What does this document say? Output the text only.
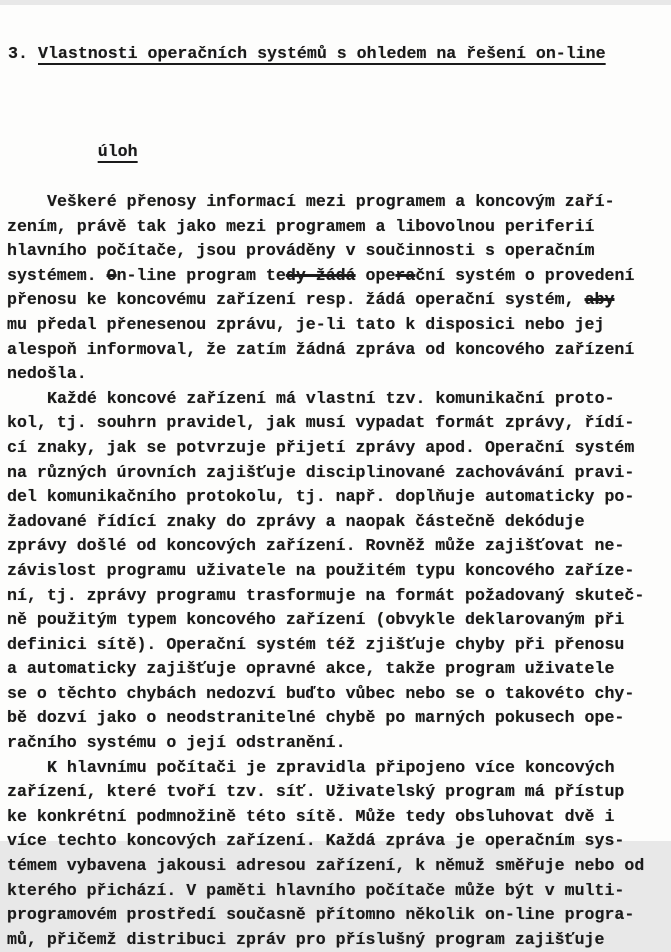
3. Vlastnosti operačních systémů s ohledem na řešení on-line

úloh

Veškeré přenosy informací mezi programem a koncovým zaří-
zením, právě tak jako mezi programem a libovolnou periferií
hlavního počítače, jsou prováděny v součinnosti s operačním
systémem. On-line program tedy žádá operační systém o provedení
přenosu ke koncovému zařízení resp. žádá operační systém, aby
mu předal přenesenou zprávu, je-li tato k disposici nebo jej
alespoň informoval, že zatím žádná zpráva od koncového zařízení
nedošla.
Každé koncové zařízení má vlastní tzv. komunikační proto-
kol, tj. souhrn pravidel, jak musí vypadat formát zprávy, řídí-
cí znaky, jak se potvrzuje přijetí zprávy apod. Operační systém
na různých úrovních zajišťuje disciplinované zachovávání pravi-
del komunikačního protokolu, tj. např. doplňuje automaticky po-
žadované řídící znaky do zprávy a naopak částečně dekóduje
zprávy došlé od koncových zařízení. Rovněž může zajišťovat ne-
závislost programu uživatele na použitém typu koncového zaříze-
ní, tj. zprávy programu trasformuje na formát požadovaný skuteč-
ně použitým typem koncového zařízení (obvykle deklarovaným při
definici sítě). Operační systém též zjišťuje chyby při přenosu
a automaticky zajišťuje opravné akce, takže program uživatele
se o těchto chybách nedozví buďto vůbec nebo se o takovéto chy-
bě dozví jako o neodstranitelné chybě po marných pokusech ope-
račního systému o její odstranění.
K hlavnímu počítači je zpravidla připojeno více koncových
zařízení, které tvoří tzv. síť. Uživatelský program má přístup
ke konkrétní podmnožině této sítě. Může tedy obsluhovat dvě i
více techto koncových zařízení. Každá zpráva je operačním sys-
témem vybavena jakousi adresou zařízení, k němuž směřuje nebo od
kterého přichází. V paměti hlavního počítače může být v multi-
programovém prostředí současně přítomno několik on-line progra-
mů, přičemž distribuci zpráv pro příslušný program zajišťuje
